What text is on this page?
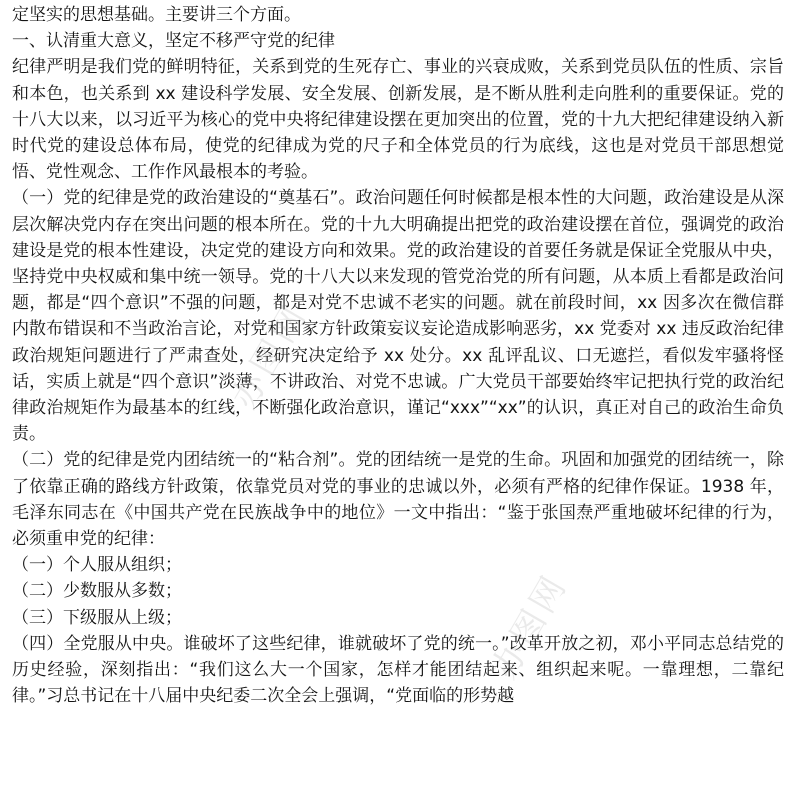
定坚实的思想基础。主要讲三个方面。

一、认清重大意义，坚定不移严守党的纪律

纪律严明是我们党的鲜明特征，关系到党的生死存亡、事业的兴衰成败，关系到党员队伍的性质、宗旨和本色，也关系到 xx 建设科学发展、安全发展、创新发展，是不断从胜利走向胜利的重要保证。党的十八大以来，以习近平为核心的党中央将纪律建设摆在更加突出的位置，党的十九大把纪律建设纳入新时代党的建设总体布局，使党的纪律成为党的尺子和全体党员的行为底线，这也是对党员干部思想觉悟、党性观念、工作作风最根本的考验。

（一）党的纪律是党的政治建设的“奠基石”。政治问题任何时候都是根本性的大问题，政治建设是从深层次解决党内存在突出问题的根本所在。党的十九大明确提出把党的政治建设摆在首位，强调党的政治建设是党的根本性建设，决定党的建设方向和效果。党的政治建设的首要任务就是保证全党服从中央，坚持党中央权威和集中统一领导。党的十八大以来发现的管党治党的所有问题，从本质上看都是政治问题，都是“四个意识”不强的问题，都是对党不忠诚不老实的问题。就在前段时间，xx 因多次在微信群内散布错误和不当政治言论，对党和国家方针政策妄议妄论造成影响恶劣，xx 党委对 xx 违反政治纪律政治规矩问题进行了严肃查处，经研究决定给予 xx 处分。xx 乱评乱议、口无遮拦，看似发牢骚将怪话，实质上就是“四个意识”淡薄，不讲政治、对党不忠诚。广大党员干部要始终牢记把执行党的政治纪律政治规矩作为最基本的红线，不断强化政治意识，谨记“xxx”“xx”的认识，真正对自己的政治生命负责。

（二）党的纪律是党内团结统一的“粘合剂”。党的团结统一是党的生命。巩固和加强党的团结统一，除了依靠正确的路线方针政策，依靠党员对党的事业的忠诚以外，必须有严格的纪律作保证。1938 年，毛泽东同志在《中国共产党在民族战争中的地位》一文中指出：“鉴于张国焘严重地破坏纪律的行为，必须重申党的纪律：

（一）个人服从组织；

（二）少数服从多数；

（三）下级服从上级；

（四）全党服从中央。谁破坏了这些纪律，谁就破坏了党的统一。”改革开放之初，邓小平同志总结党的历史经验，深刻指出：“我们这么大一个国家，怎样才能团结起来、组织起来呢。一靠理想，二靠纪律。”习总书记在十八届中央纪委二次全会上强调，“党面临的形势越

办图网
办图网
